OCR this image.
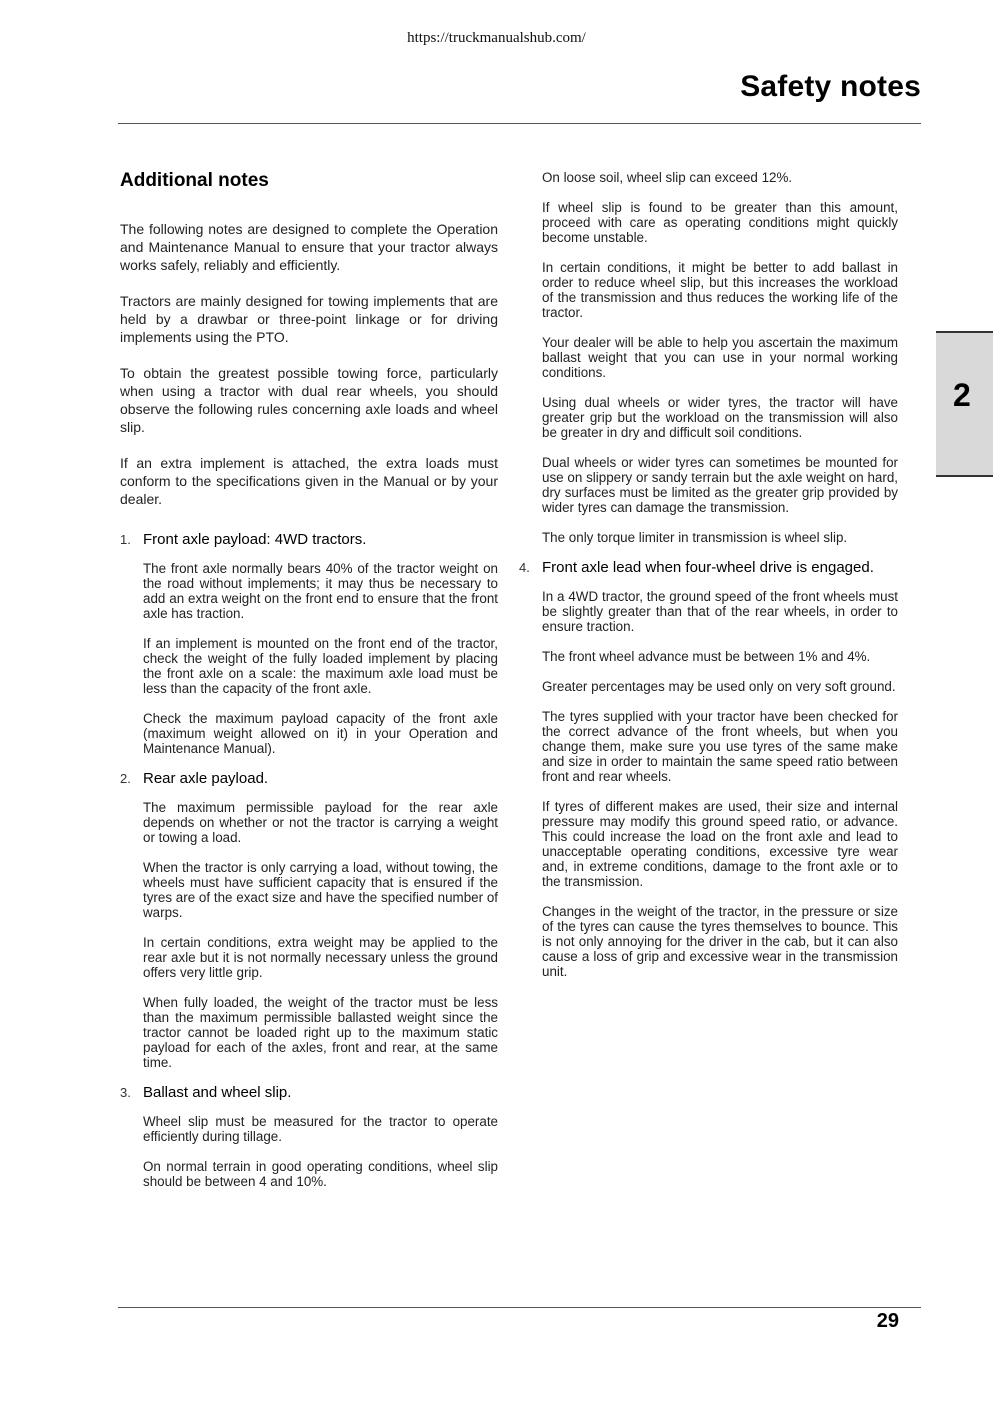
https://truckmanualshub.com/
Safety notes
2
Additional notes

The following notes are designed to complete the Operation and Maintenance Manual to ensure that your tractor always works safely, reliably and efficiently.

Tractors are mainly designed for towing implements that are held by a drawbar or three-point linkage or for driving implements using the PTO.

To obtain the greatest possible towing force, particularly when using a tractor with dual rear wheels, you should observe the following rules concerning axle loads and wheel slip.

If an extra implement is attached, the extra loads must conform to the specifications given in the Manual or by your dealer.

1. Front axle payload: 4WD tractors.

The front axle normally bears 40% of the tractor weight on the road without implements; it may thus be necessary to add an extra weight on the front end to ensure that the front axle has traction.

If an implement is mounted on the front end of the tractor, check the weight of the fully loaded implement by placing the front axle on a scale: the maximum axle load must be less than the capacity of the front axle.

Check the maximum payload capacity of the front axle (maximum weight allowed on it) in your Operation and Maintenance Manual).

2. Rear axle payload.

The maximum permissible payload for the rear axle depends on whether or not the tractor is carrying a weight or towing a load.

When the tractor is only carrying a load, without towing, the wheels must have sufficient capacity that is ensured if the tyres are of the exact size and have the specified number of warps.

In certain conditions, extra weight may be applied to the rear axle but it is not normally necessary unless the ground offers very little grip.

When fully loaded, the weight of the tractor must be less than the maximum permissible ballasted weight since the tractor cannot be loaded right up to the maximum static payload for each of the axles, front and rear, at the same time.

3. Ballast and wheel slip.

Wheel slip must be measured for the tractor to operate efficiently during tillage.

On normal terrain in good operating conditions, wheel slip should be between 4 and 10%.

On loose soil, wheel slip can exceed 12%.

If wheel slip is found to be greater than this amount, proceed with care as operating conditions might quickly become unstable.

In certain conditions, it might be better to add ballast in order to reduce wheel slip, but this increases the workload of the transmission and thus reduces the working life of the tractor.

Your dealer will be able to help you ascertain the maximum ballast weight that you can use in your normal working conditions.

Using dual wheels or wider tyres, the tractor will have greater grip but the workload on the transmission will also be greater in dry and difficult soil conditions.

Dual wheels or wider tyres can sometimes be mounted for use on slippery or sandy terrain but the axle weight on hard, dry surfaces must be limited as the greater grip provided by wider tyres can damage the transmission.

The only torque limiter in transmission is wheel slip.

4. Front axle lead when four-wheel drive is engaged.

In a 4WD tractor, the ground speed of the front wheels must be slightly greater than that of the rear wheels, in order to ensure traction.

The front wheel advance must be between 1% and 4%.

Greater percentages may be used only on very soft ground.

The tyres supplied with your tractor have been checked for the correct advance of the front wheels, but when you change them, make sure you use tyres of the same make and size in order to maintain the same speed ratio between front and rear wheels.

If tyres of different makes are used, their size and internal pressure may modify this ground speed ratio, or advance. This could increase the load on the front axle and lead to unacceptable operating conditions, excessive tyre wear and, in extreme conditions, damage to the front axle or to the transmission.

Changes in the weight of the tractor, in the pressure or size of the tyres can cause the tyres themselves to bounce. This is not only annoying for the driver in the cab, but it can also cause a loss of grip and excessive wear in the transmission unit.

29
